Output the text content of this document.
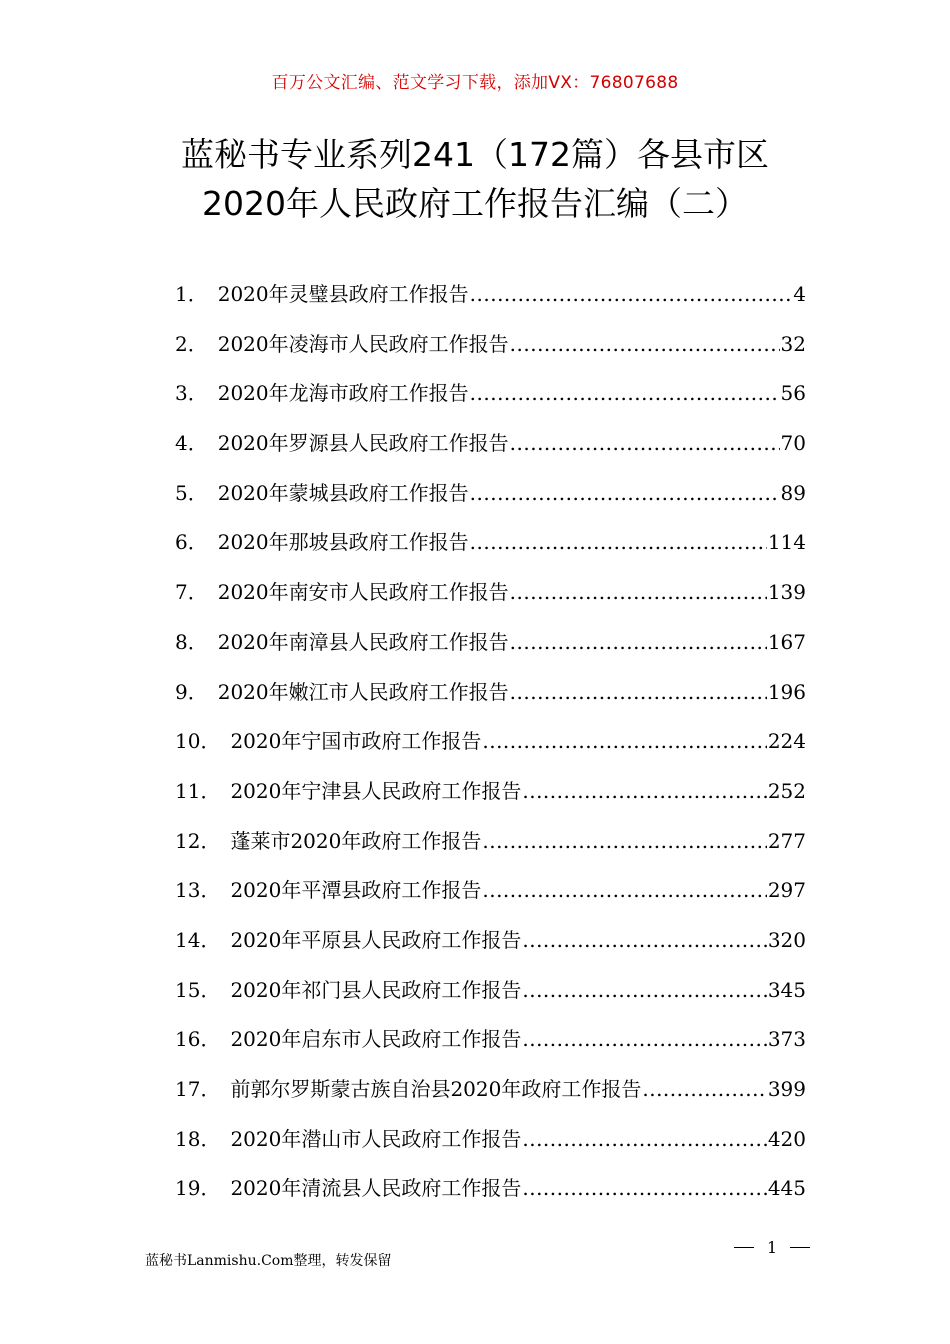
百万公文汇编、范文学习下载，添加VX：76807688
蓝秘书专业系列241（172篇）各县市区
2020年人民政府工作报告汇编（二）
1． 2020年灵璧县政府工作报告 .....	4
2． 2020年凌海市人民政府工作报告 .....	32
3． 2020年龙海市政府工作报告 .....	56
4． 2020年罗源县人民政府工作报告 .....	70
5． 2020年蒙城县政府工作报告 .....	89
6． 2020年那坡县政府工作报告 .....	114
7． 2020年南安市人民政府工作报告 .....	139
8． 2020年南漳县人民政府工作报告 .....	167
9． 2020年嫩江市人民政府工作报告 .....	196
10． 2020年宁国市政府工作报告 .....	224
11． 2020年宁津县人民政府工作报告 .....	252
12． 蓬莱市2020年政府工作报告 .....	277
13． 2020年平潭县政府工作报告 .....	297
14． 2020年平原县人民政府工作报告 .....	320
15． 2020年祁门县人民政府工作报告 .....	345
16． 2020年启东市人民政府工作报告 .....	373
17． 前郭尔罗斯蒙古族自治县2020年政府工作报告 .....	399
18． 2020年潜山市人民政府工作报告 .....	420
19． 2020年清流县人民政府工作报告 .....	445
蓝秘书Lanmishu.Com整理，转发保留
1
